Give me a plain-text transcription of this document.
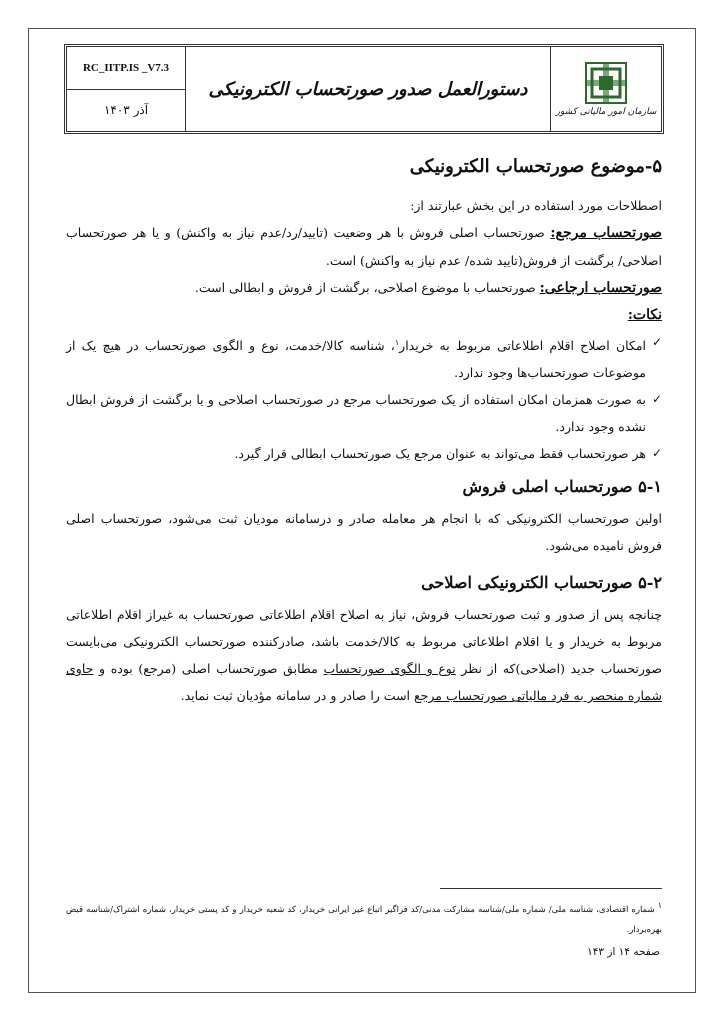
RC_IITP.IS _V7.3
آذر ۱۴۰۳
دستورالعمل صدور صورتحساب الکترونیکی
سازمان امور مالیاتی کشور
۵-موضوع صورتحساب الکترونیکی

اصطلاحات مورد استفاده در این بخش عبارتند از:

صورتحساب مرجع: صورتحساب اصلی فروش با هر وضعیت (تایید/رد/عدم نیاز به واکنش) و یا هر صورتحساب اصلاحی/ برگشت از فروش(تایید شده/ عدم نیاز به واکنش) است.

صورتحساب ارجاعی: صورتحساب با موضوع اصلاحی، برگشت از فروش و ابطالی است.

نکات:

✓
امکان اصلاح اقلام اطلاعاتی مربوط به خریدار$^۱$، شناسه کالا/خدمت، نوع و الگوی صورتحساب در هیچ یک از موضوعات صورتحساب‌ها وجود ندارد.
✓
به صورت همزمان امکان استفاده از یک صورتحساب مرجع در صورتحساب اصلاحی و یا برگشت از فروش ابطال نشده وجود ندارد.
✓
هر صورتحساب فقط می‌تواند به عنوان مرجع یک صورتحساب ابطالی قرار گیرد.
۵-۱ صورتحساب اصلی فروش

اولین صورتحساب الکترونیکی که با انجام هر معامله صادر و درسامانه مودیان ثبت می‌شود، صورتحساب اصلی فروش نامیده می‌شود.

۵-۲ صورتحساب الکترونیکی اصلاحی

چنانچه پس از صدور و ثبت صورتحساب فروش، نیاز به اصلاح اقلام اطلاعاتی صورتحساب به غیراز اقلام اطلاعاتی مربوط به خریدار و یا اقلام اطلاعاتی مربوط به کالا/خدمت باشد، صادرکننده صورتحساب الکترونیکی می‌بایست صورتحساب جدید (اصلاحی)که از نظر نوع و الگوی صورتحساب مطابق صورتحساب اصلی (مرجع) بوده و حاوی شماره منحصر به فرد مالیاتی صورتحساب مرجع است را صادر و در سامانه مؤدیان ثبت نماید.

$^۱$ شماره اقتصادی، شناسه ملی/ شماره ملی/شناسه مشارکت مدنی/کد فراگیر اتباع غیر ایرانی خریدار، کد شعبه خریدار و کد پستی خریدار، شماره اشتراک/شناسه قبض بهره‌بردار.
صفحه ۱۴ از ۱۴۳
